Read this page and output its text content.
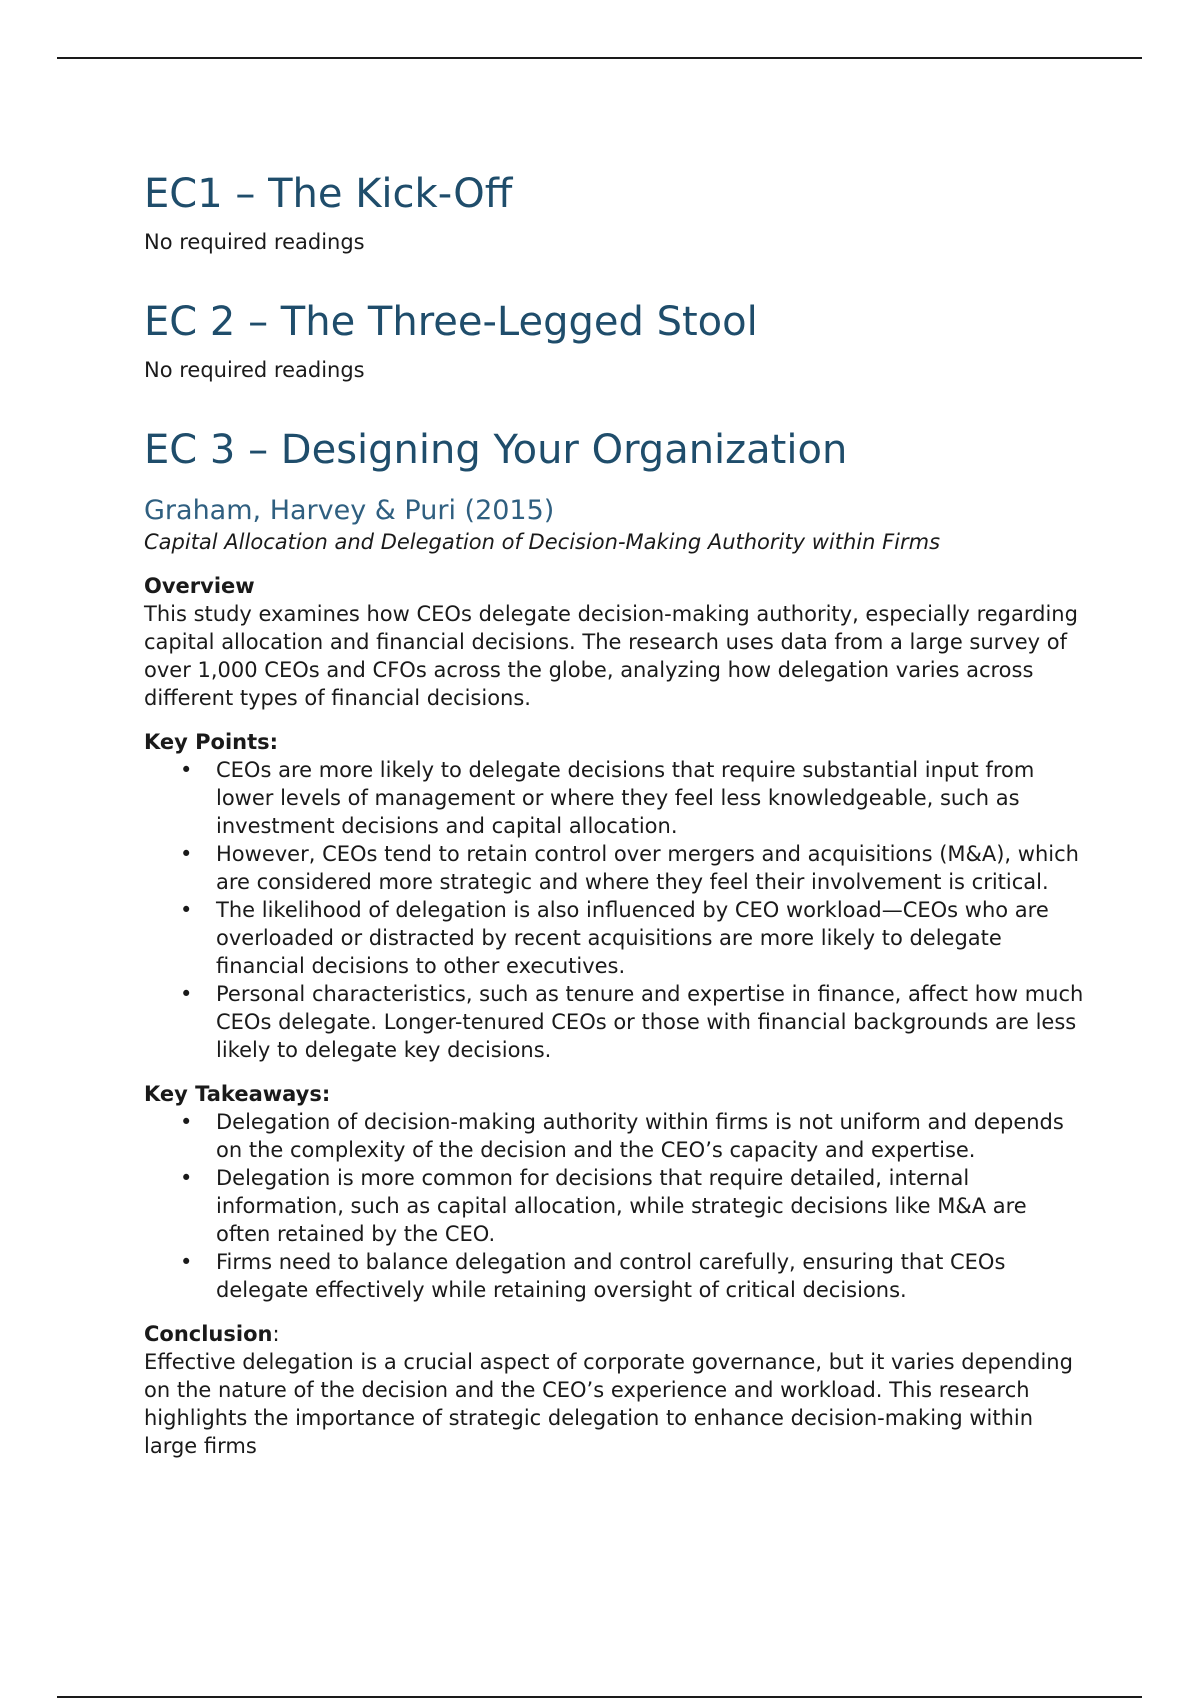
EC1 – The Kick-Off

No required readings

EC 2 – The Three-Legged Stool

No required readings

EC 3 – Designing Your Organization
Graham, Harvey & Puri (2015)

Capital Allocation and Delegation of Decision-Making Authority within Firms

Overview

This study examines how CEOs delegate decision-making authority, especially regarding capital allocation and financial decisions. The research uses data from a large survey of over 1,000 CEOs and CFOs across the globe, analyzing how delegation varies across different types of financial decisions.

Key Points:

• CEOs are more likely to delegate decisions that require substantial input from lower levels of management or where they feel less knowledgeable, such as investment decisions and capital allocation.
• However, CEOs tend to retain control over mergers and acquisitions (M&A), which are considered more strategic and where they feel their involvement is critical.
• The likelihood of delegation is also influenced by CEO workload—CEOs who are overloaded or distracted by recent acquisitions are more likely to delegate financial decisions to other executives.
• Personal characteristics, such as tenure and expertise in finance, affect how much CEOs delegate. Longer-tenured CEOs or those with financial backgrounds are less likely to delegate key decisions.

Key Takeaways:

• Delegation of decision-making authority within firms is not uniform and depends on the complexity of the decision and the CEO’s capacity and expertise.
• Delegation is more common for decisions that require detailed, internal information, such as capital allocation, while strategic decisions like M&A are often retained by the CEO.
• Firms need to balance delegation and control carefully, ensuring that CEOs delegate effectively while retaining oversight of critical decisions.

Conclusion:

Effective delegation is a crucial aspect of corporate governance, but it varies depending on the nature of the decision and the CEO’s experience and workload. This research highlights the importance of strategic delegation to enhance decision-making within large firms
